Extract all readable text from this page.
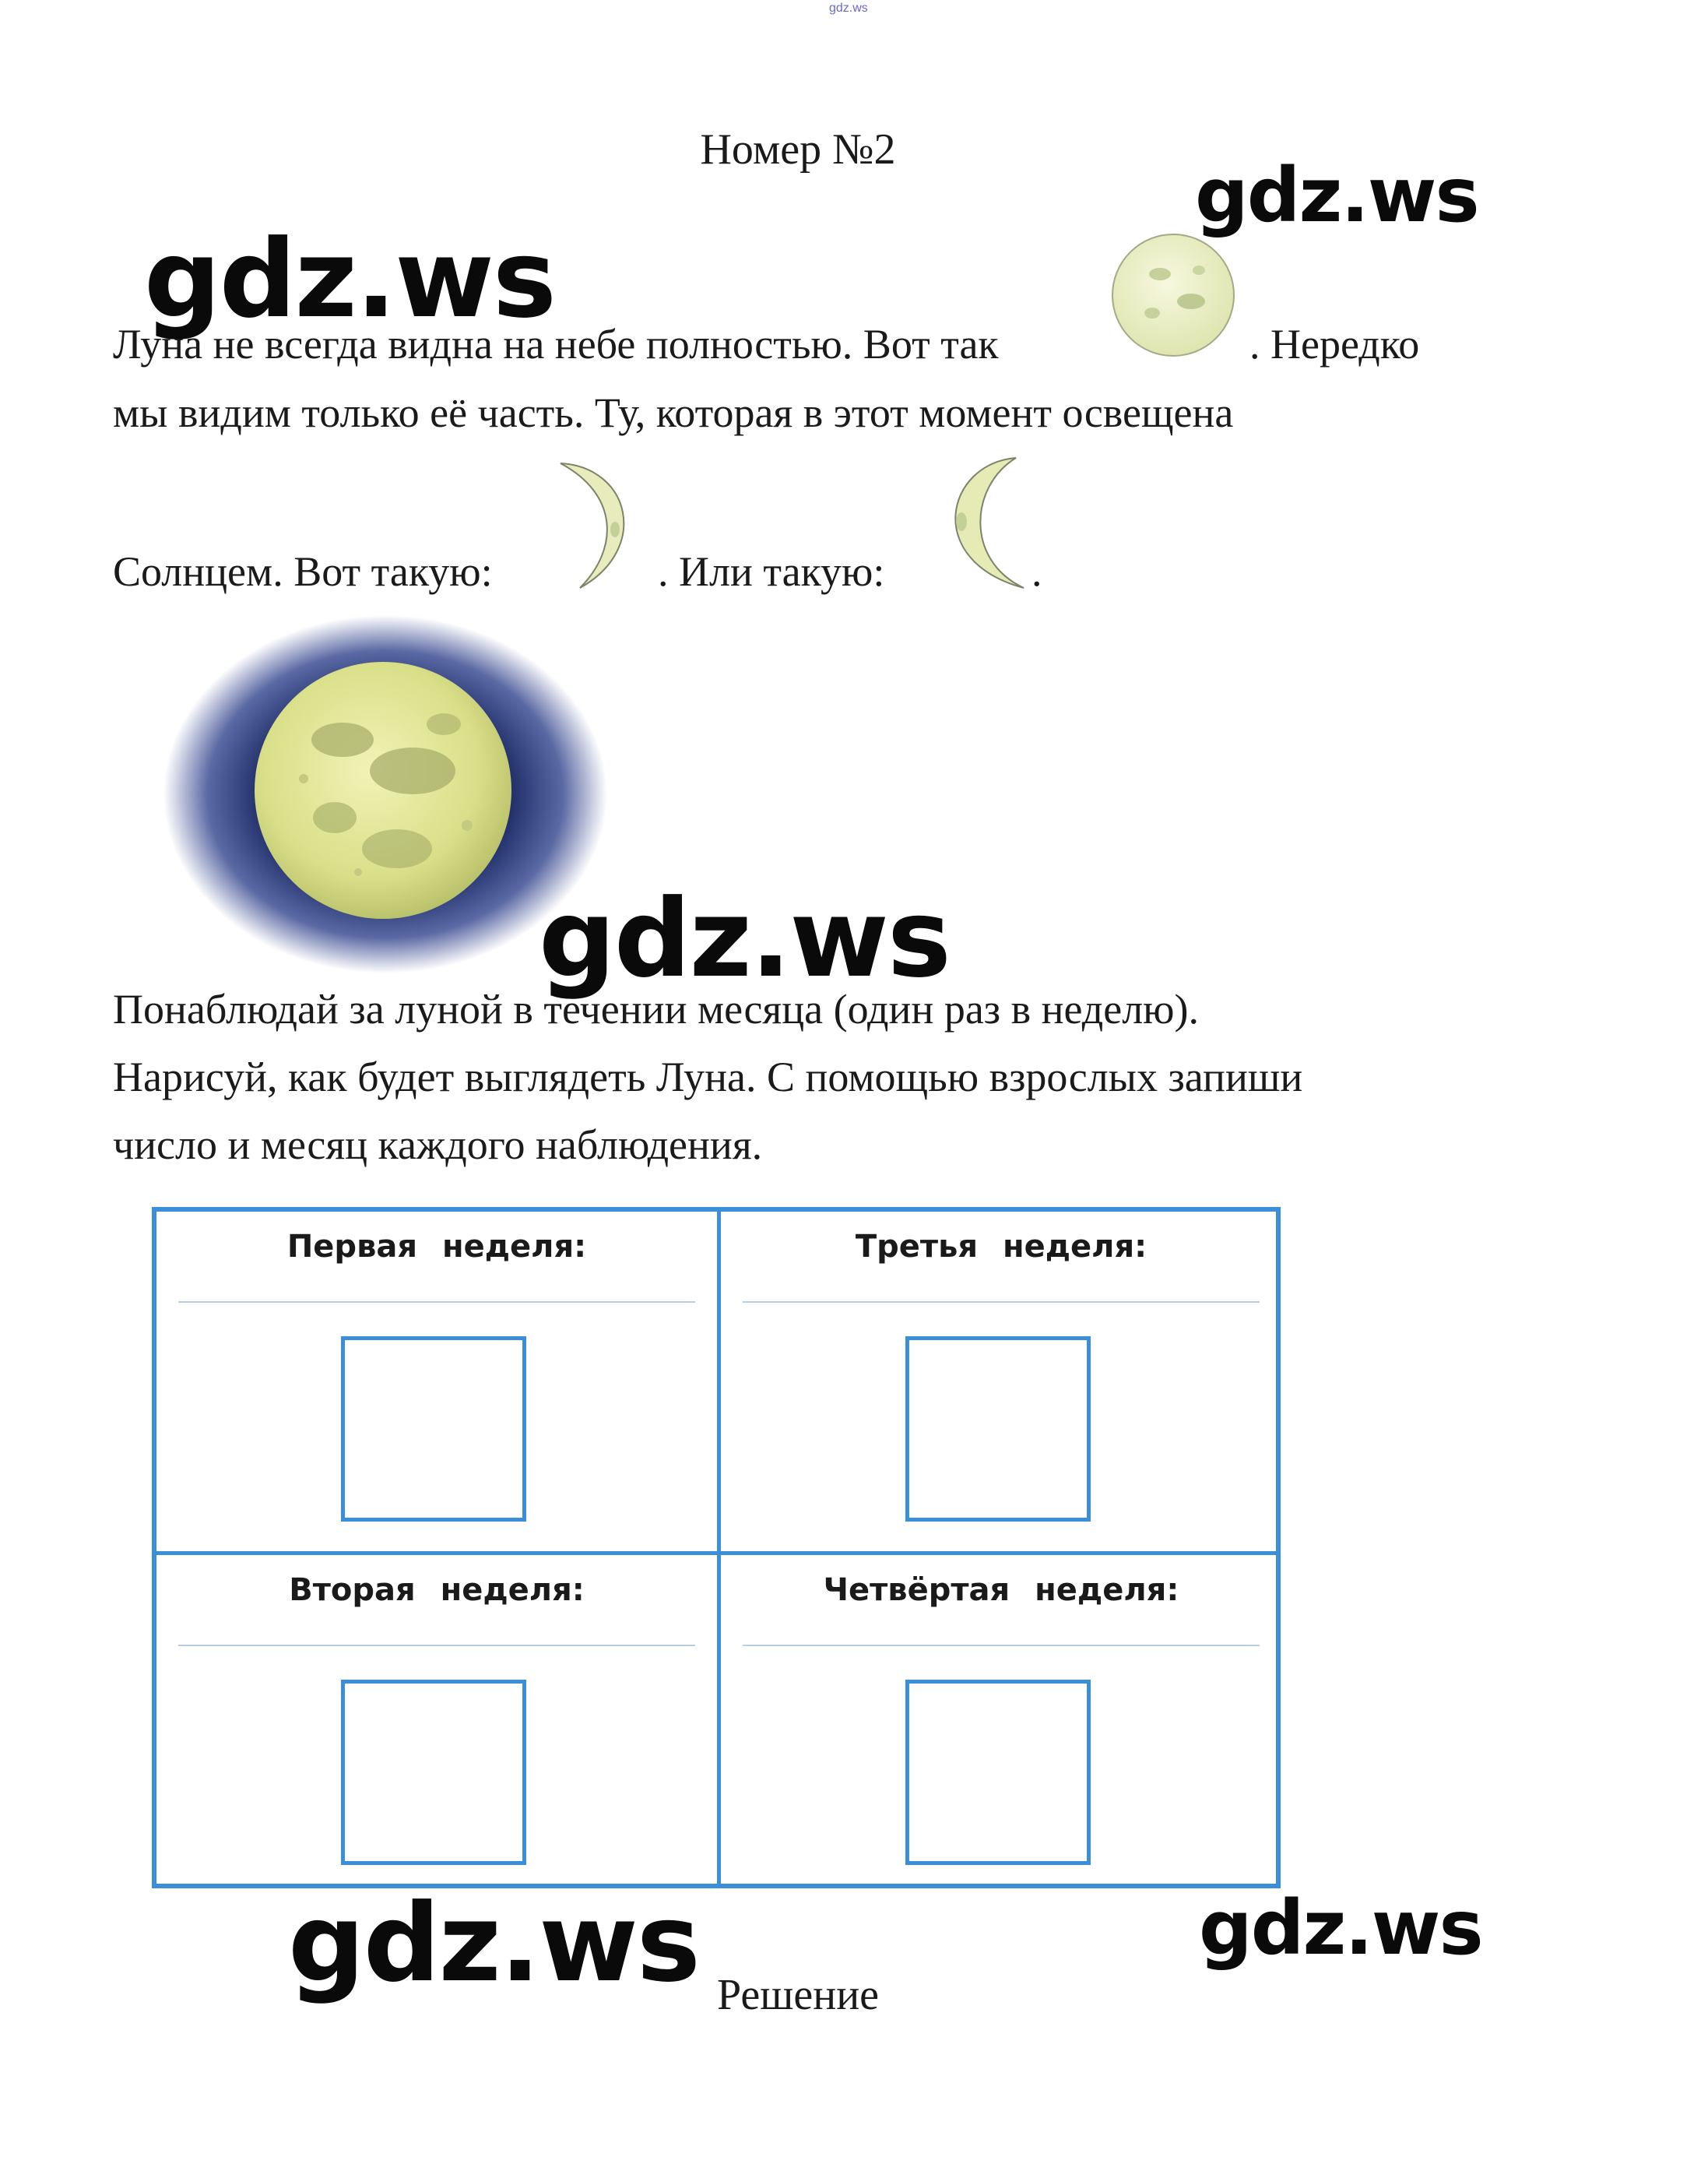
gdz.ws
Номер №2
gdz.ws
gdz.ws
gdz.ws
gdz.ws	gdz.ws
Луна не всегда видна на небе полностью. Вот так	. Нередко
мы видим только её часть. Ту, которая в этот момент освещена
Солнцем. Вот такую:	. Или такую:	.
Понаблюдай за луной в течении месяца (один раз в неделю).
Нарисуй, как будет выглядеть Луна. С помощью взрослых запиши
число и месяц каждого наблюдения.
Первая неделя:	Третья неделя:
Вторая неделя:	Четвёртая неделя:
Решение
